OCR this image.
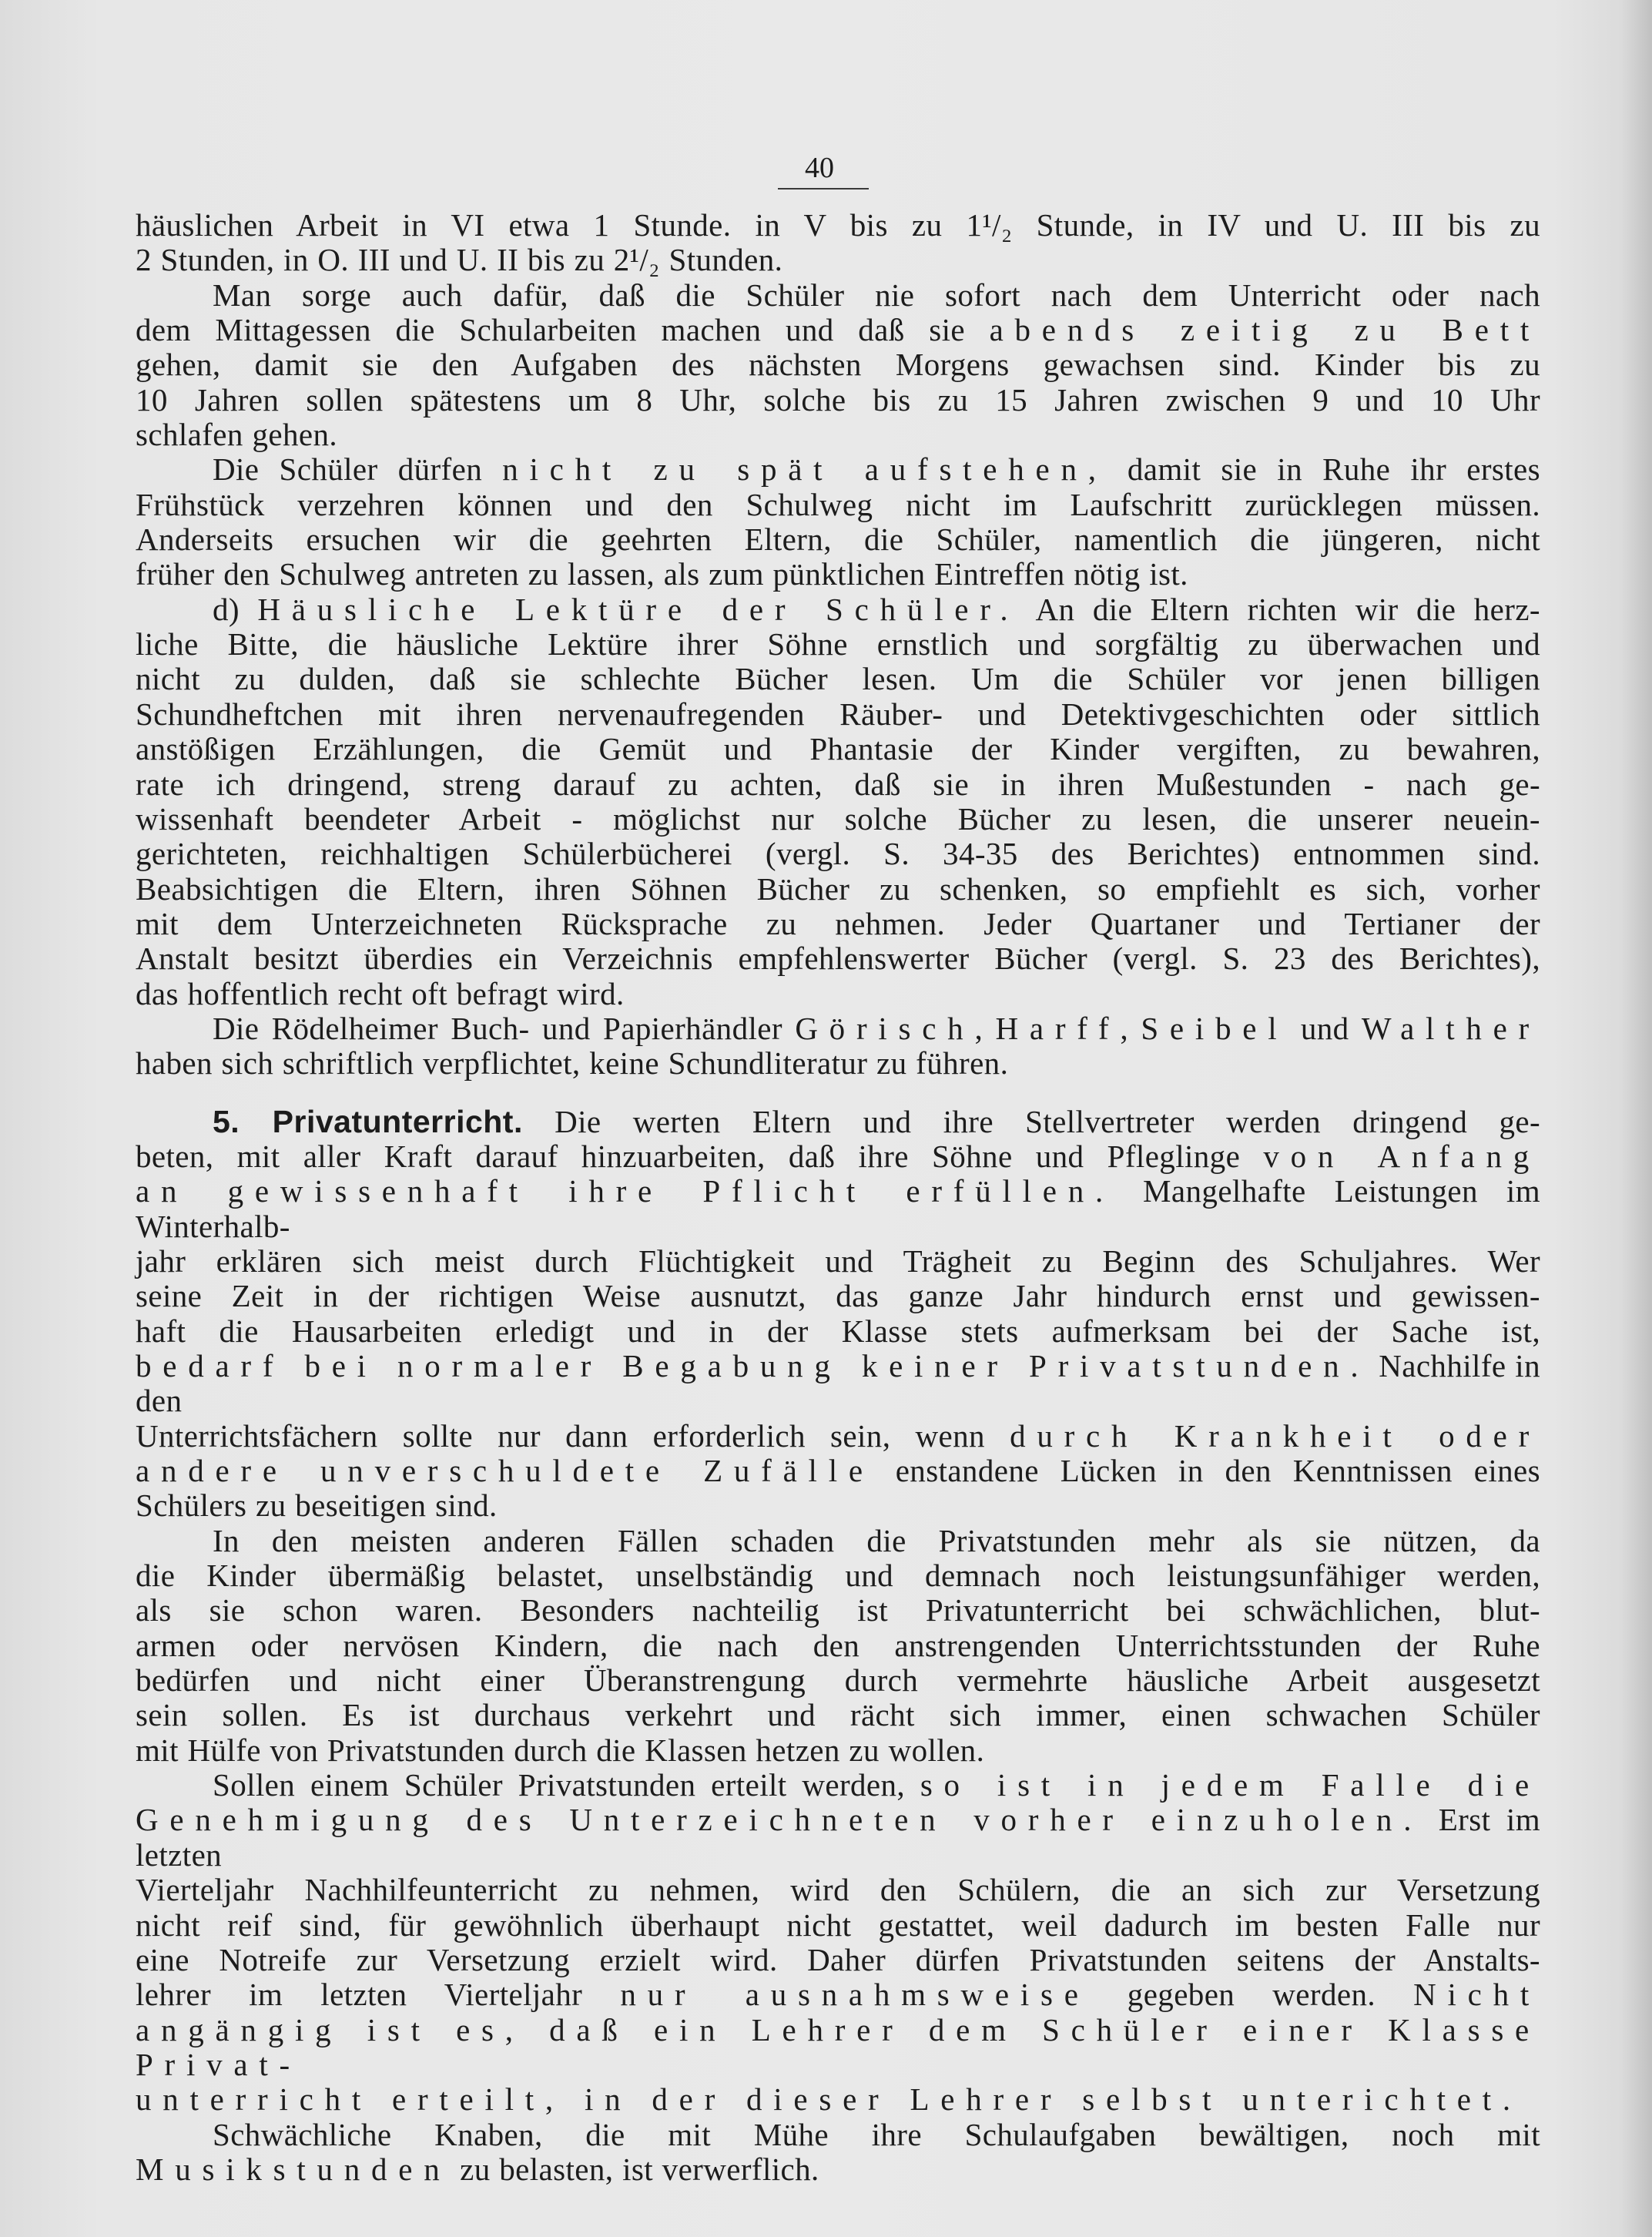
40
häuslichen Arbeit in VI etwa 1 Stunde. in V bis zu 1¹/₂ Stunde, in IV und U. III bis zu
2 Stunden, in O. III und U. II bis zu 2¹/₂ Stunden.
Man sorge auch dafür, daß die Schüler nie sofort nach dem Unterricht oder nach
dem Mittagessen die Schularbeiten machen und daß sie abends zeitig zu Bett
gehen, damit sie den Aufgaben des nächsten Morgens gewachsen sind. Kinder bis zu
10 Jahren sollen spätestens um 8 Uhr, solche bis zu 15 Jahren zwischen 9 und 10 Uhr
schlafen gehen.
Die Schüler dürfen nicht zu spät aufstehen, damit sie in Ruhe ihr erstes
Frühstück verzehren können und den Schulweg nicht im Laufschritt zurücklegen müssen.
Anderseits ersuchen wir die geehrten Eltern, die Schüler, namentlich die jüngeren, nicht
früher den Schulweg antreten zu lassen, als zum pünktlichen Eintreffen nötig ist.
d) Häusliche Lektüre der Schüler. An die Eltern richten wir die herz-
liche Bitte, die häusliche Lektüre ihrer Söhne ernstlich und sorgfältig zu überwachen und
nicht zu dulden, daß sie schlechte Bücher lesen. Um die Schüler vor jenen billigen
Schundheftchen mit ihren nervenaufregenden Räuber- und Detektivgeschichten oder sittlich
anstößigen Erzählungen, die Gemüt und Phantasie der Kinder vergiften, zu bewahren,
rate ich dringend, streng darauf zu achten, daß sie in ihren Mußestunden - nach ge-
wissenhaft beendeter Arbeit - möglichst nur solche Bücher zu lesen, die unserer neuein-
gerichteten, reichhaltigen Schülerbücherei (vergl. S. 34-35 des Berichtes) entnommen sind.
Beabsichtigen die Eltern, ihren Söhnen Bücher zu schenken, so empfiehlt es sich, vorher
mit dem Unterzeichneten Rücksprache zu nehmen. Jeder Quartaner und Tertianer der
Anstalt besitzt überdies ein Verzeichnis empfehlenswerter Bücher (vergl. S. 23 des Berichtes),
das hoffentlich recht oft befragt wird.
Die Rödelheimer Buch- und Papierhändler Görisch, Harff, Seibel und Walther
haben sich schriftlich verpflichtet, keine Schundliteratur zu führen.
5. Privatunterricht. Die werten Eltern und ihre Stellvertreter werden dringend ge-
beten, mit aller Kraft darauf hinzuarbeiten, daß ihre Söhne und Pfleglinge von Anfang
an gewissenhaft ihre Pflicht erfüllen. Mangelhafte Leistungen im Winterhalb-
jahr erklären sich meist durch Flüchtigkeit und Trägheit zu Beginn des Schuljahres. Wer
seine Zeit in der richtigen Weise ausnutzt, das ganze Jahr hindurch ernst und gewissen-
haft die Hausarbeiten erledigt und in der Klasse stets aufmerksam bei der Sache ist,
bedarf bei normaler Begabung keiner Privatstunden. Nachhilfe in den
Unterrichtsfächern sollte nur dann erforderlich sein, wenn durch Krankheit oder
andere unverschuldete Zufälle enstandene Lücken in den Kenntnissen eines
Schülers zu beseitigen sind.
In den meisten anderen Fällen schaden die Privatstunden mehr als sie nützen, da
die Kinder übermäßig belastet, unselbständig und demnach noch leistungsunfähiger werden,
als sie schon waren. Besonders nachteilig ist Privatunterricht bei schwächlichen, blut-
armen oder nervösen Kindern, die nach den anstrengenden Unterrichtsstunden der Ruhe
bedürfen und nicht einer Überanstrengung durch vermehrte häusliche Arbeit ausgesetzt
sein sollen. Es ist durchaus verkehrt und rächt sich immer, einen schwachen Schüler
mit Hülfe von Privatstunden durch die Klassen hetzen zu wollen.
Sollen einem Schüler Privatstunden erteilt werden, so ist in jedem Falle die
Genehmigung des Unterzeichneten vorher einzuholen. Erst im letzten
Vierteljahr Nachhilfeunterricht zu nehmen, wird den Schülern, die an sich zur Versetzung
nicht reif sind, für gewöhnlich überhaupt nicht gestattet, weil dadurch im besten Falle nur
eine Notreife zur Versetzung erzielt wird. Daher dürfen Privatstunden seitens der Anstalts-
lehrer im letzten Vierteljahr nur ausnahmsweise gegeben werden. Nicht
angängig ist es, daß ein Lehrer dem Schüler einer Klasse Privat-
unterricht erteilt, in der dieser Lehrer selbst unterichtet.
Schwächliche Knaben, die mit Mühe ihre Schulaufgaben bewältigen, noch mit
Musikstunden zu belasten, ist verwerflich.
